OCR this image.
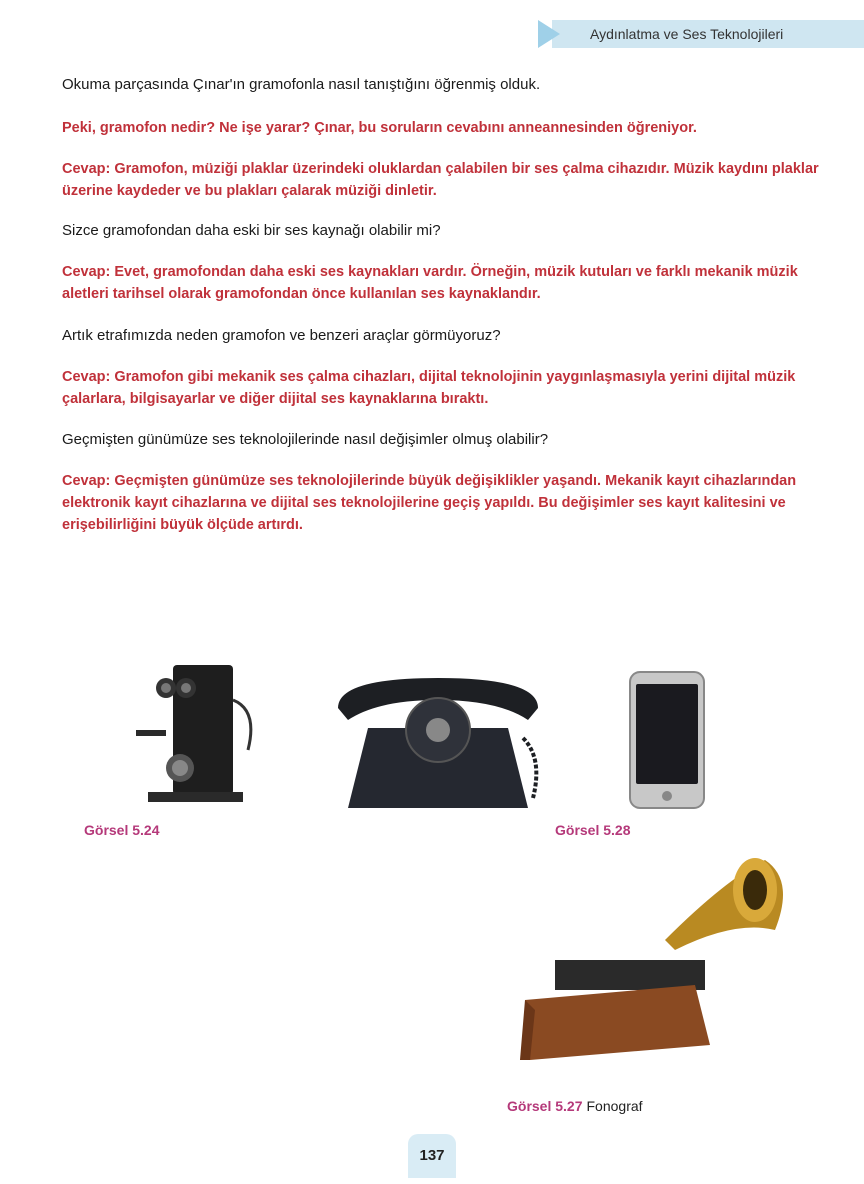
Aydınlatma ve Ses Teknolojileri

Okuma parçasında Çınar'ın gramofonla nasıl tanıştığını öğrenmiş olduk.

Peki, gramofon nedir? Ne işe yarar? Çınar, bu soruların cevabını anneannesinden öğreniyor.

Cevap: Gramofon, müziği plaklar üzerindeki oluklardan çalabilen bir ses çalma cihazıdır. Müzik kaydını plaklar üzerine kaydeder ve bu plakları çalarak müziği dinletir.

Sizce gramofondan daha eski bir ses kaynağı olabilir mi?

Cevap: Evet, gramofondan daha eski ses kaynakları vardır. Örneğin, müzik kutuları ve farklı mekanik müzik aletleri tarihsel olarak gramofondan önce kullanılan ses kaynaklandır.

Artık etrafımızda neden gramofon ve benzeri araçlar görmüyoruz?

Cevap: Gramofon gibi mekanik ses çalma cihazları, dijital teknolojinin yaygınlaşmasıyla yerini dijital müzik çalarlara, bilgisayarlar ve diğer dijital ses kaynaklarına bıraktı.

Geçmişten günümüze ses teknolojilerinde nasıl değişimler olmuş olabilir?

Cevap: Geçmişten günümüze ses teknolojilerinde büyük değişiklikler yaşandı. Mekanik kayıt cihazlarından elektronik kayıt cihazlarına ve dijital ses teknolojilerine geçiş yapıldı. Bu değişimler ses kayıt kalitesini ve erişebilirliğini büyük ölçüde artırdı.

Görsel 5.24	Görsel 5.28
Görsel 5.27 Fonograf
137
